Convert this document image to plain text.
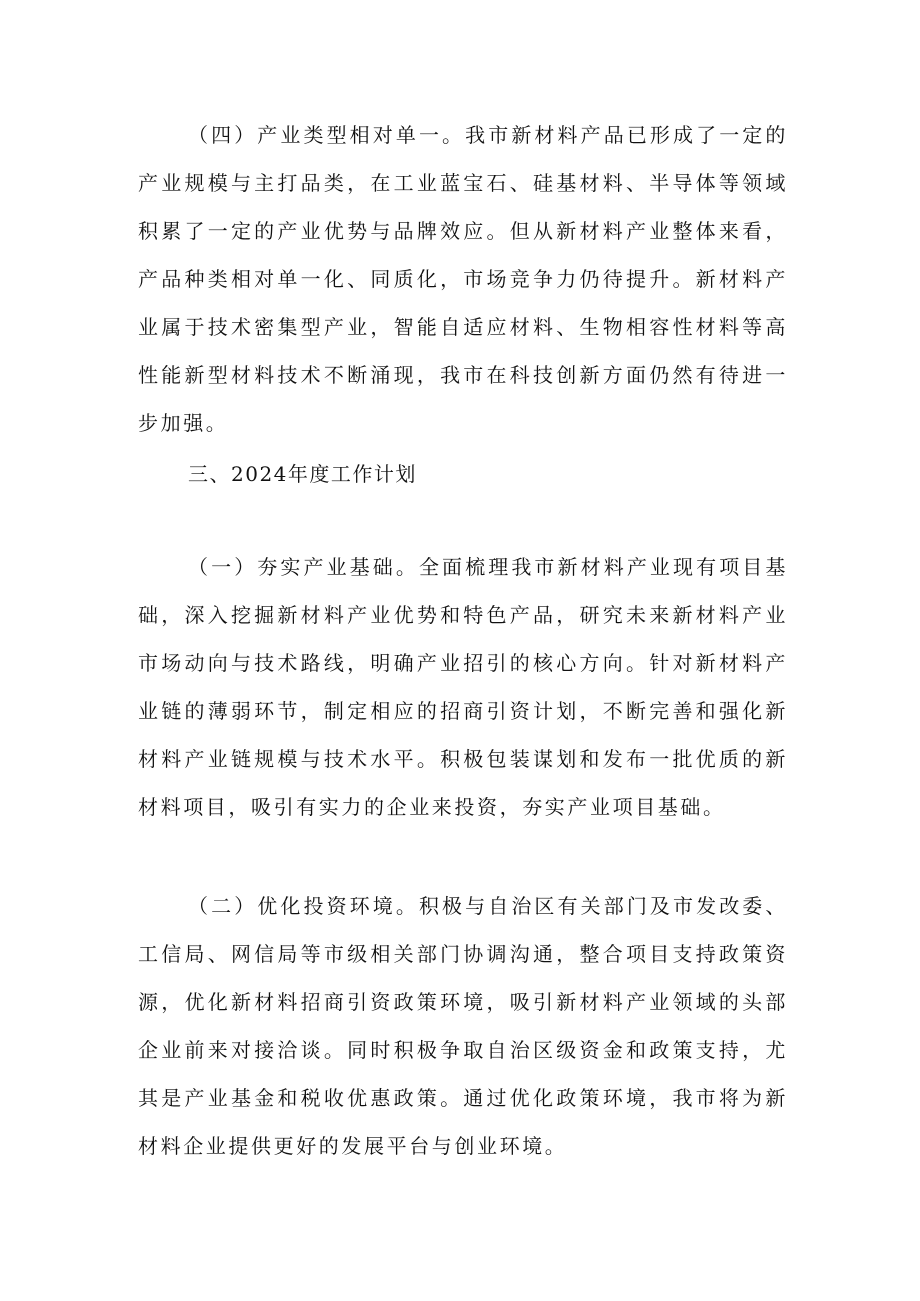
（四）产业类型相对单一。我市新材料产品已形成了一定的产业规模与主打品类，在工业蓝宝石、硅基材料、半导体等领域积累了一定的产业优势与品牌效应。但从新材料产业整体来看，产品种类相对单一化、同质化，市场竞争力仍待提升。新材料产业属于技术密集型产业，智能自适应材料、生物相容性材料等高性能新型材料技术不断涌现，我市在科技创新方面仍然有待进一步加强。

三、2024年度工作计划

（一）夯实产业基础。全面梳理我市新材料产业现有项目基础，深入挖掘新材料产业优势和特色产品，研究未来新材料产业市场动向与技术路线，明确产业招引的核心方向。针对新材料产业链的薄弱环节，制定相应的招商引资计划，不断完善和强化新材料产业链规模与技术水平。积极包装谋划和发布一批优质的新材料项目，吸引有实力的企业来投资，夯实产业项目基础。

（二）优化投资环境。积极与自治区有关部门及市发改委、工信局、网信局等市级相关部门协调沟通，整合项目支持政策资源，优化新材料招商引资政策环境，吸引新材料产业领域的头部企业前来对接洽谈。同时积极争取自治区级资金和政策支持，尤其是产业基金和税收优惠政策。通过优化政策环境，我市将为新材料企业提供更好的发展平台与创业环境。
